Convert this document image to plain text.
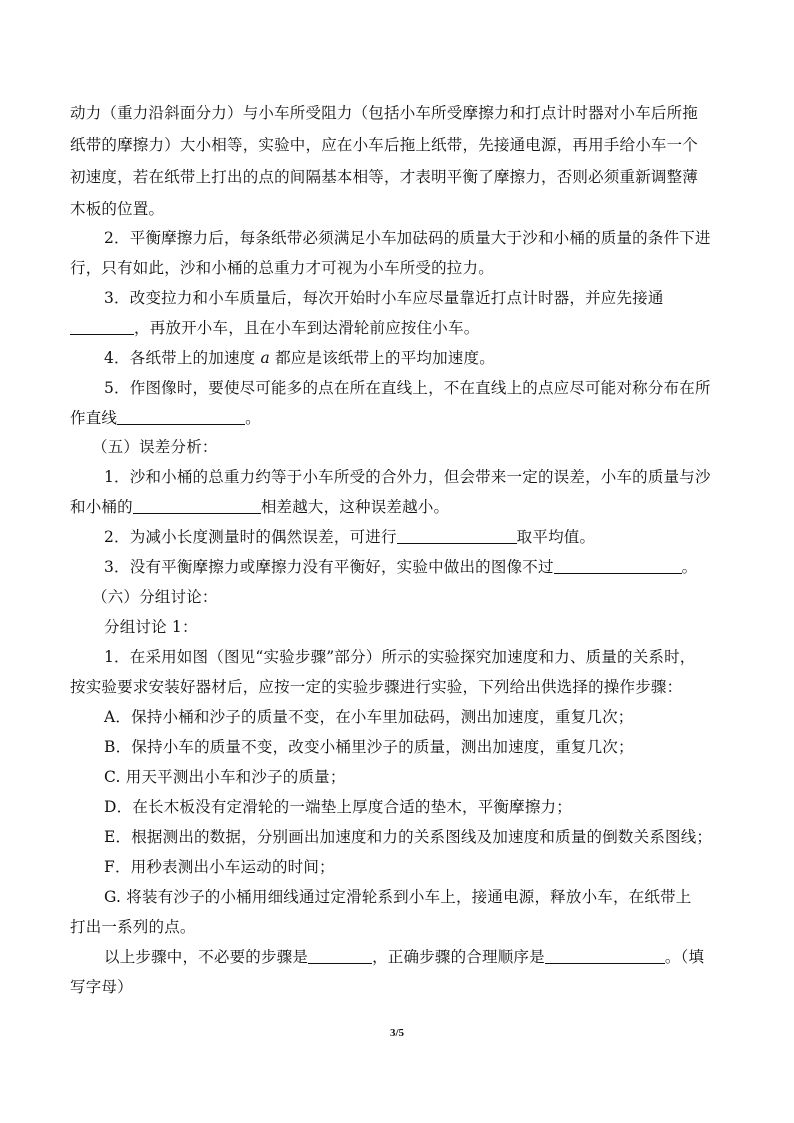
动力（重力沿斜面分力）与小车所受阻力（包括小车所受摩擦力和打点计时器对小车后所拖
纸带的摩擦力）大小相等，实验中，应在小车后拖上纸带，先接通电源，再用手给小车一个
初速度，若在纸带上打出的点的间隔基本相等，才表明平衡了摩擦力，否则必须重新调整薄
木板的位置。
2．平衡摩擦力后，每条纸带必须满足小车加砝码的质量大于沙和小桶的质量的条件下进
行，只有如此，沙和小桶的总重力才可视为小车所受的拉力。
3．改变拉力和小车质量后，每次开始时小车应尽量靠近打点计时器，并应先接通
，再放开小车，且在小车到达滑轮前应按住小车。
4．各纸带上的加速度 a 都应是该纸带上的平均加速度。
5．作图像时，要使尽可能多的点在所在直线上，不在直线上的点应尽可能对称分布在所
作直线	。
（五）误差分析：
1．沙和小桶的总重力约等于小车所受的合外力，但会带来一定的误差，小车的质量与沙
和小桶的	相差越大，这种误差越小。
2．为减小长度测量时的偶然误差，可进行	取平均值。
3．没有平衡摩擦力或摩擦力没有平衡好，实验中做出的图像不过	。
（六）分组讨论：
分组讨论 1：
1．在采用如图（图见“实验步骤”部分）所示的实验探究加速度和力、质量的关系时，
按实验要求安装好器材后，应按一定的实验步骤进行实验，下列给出供选择的操作步骤：
A．保持小桶和沙子的质量不变，在小车里加砝码，测出加速度，重复几次；
B．保持小车的质量不变，改变小桶里沙子的质量，测出加速度，重复几次；
C. 用天平测出小车和沙子的质量；
D．在长木板没有定滑轮的一端垫上厚度合适的垫木，平衡摩擦力；
E．根据测出的数据，分别画出加速度和力的关系图线及加速度和质量的倒数关系图线；
F．用秒表测出小车运动的时间；
G. 将装有沙子的小桶用细线通过定滑轮系到小车上，接通电源，释放小车，在纸带上
打出一系列的点。
以上步骤中，不必要的步骤是	，正确步骤的合理顺序是	。（填
写字母）
3/5
